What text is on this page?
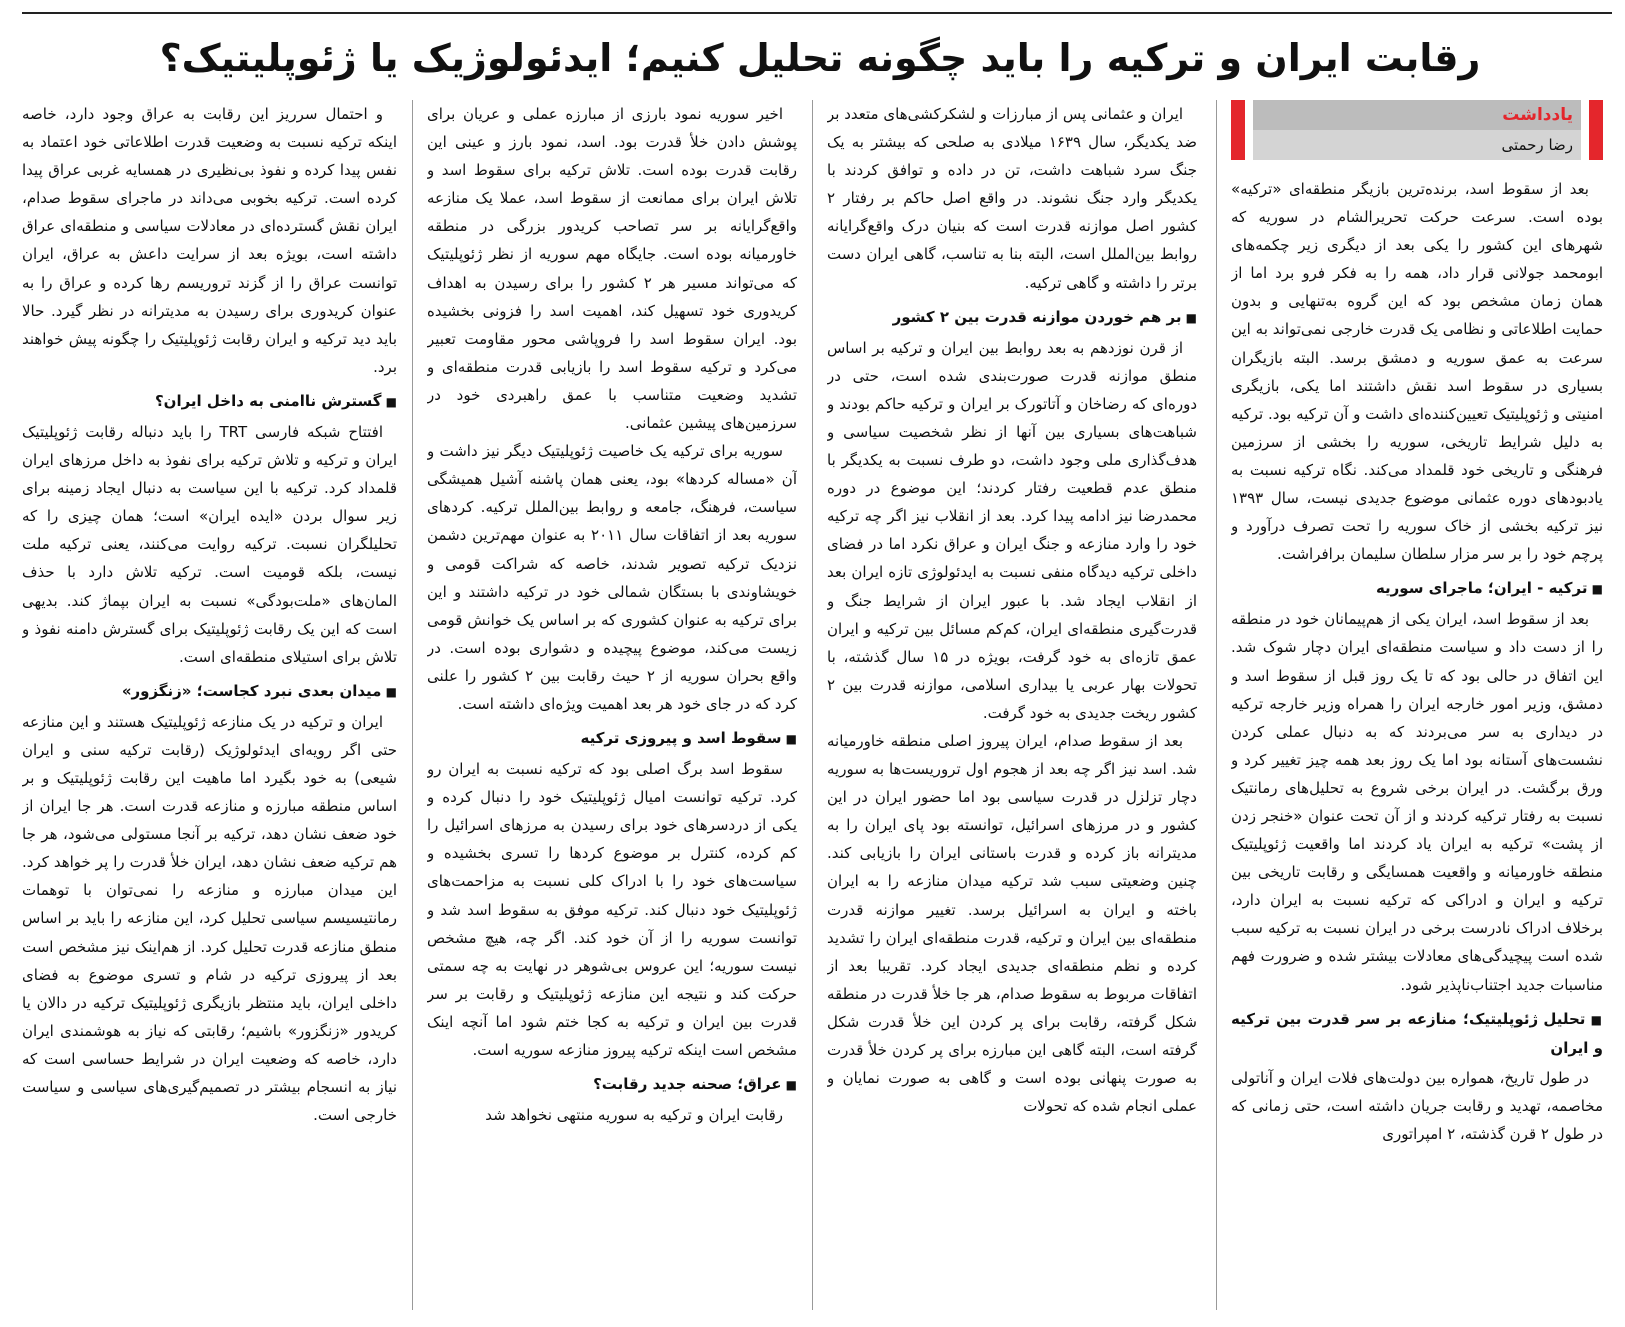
رقابت ایران و ترکیه را باید چگونه تحلیل کنیم؛ ایدئولوژیک یا ژئوپلیتیک؟
یادداشت
رضا رحمتی

بعد از سقوط اسد، برنده‌ترین بازیگر منطقه‌ای «ترکیه» بوده است. سرعت حرکت تحریرالشام در سوریه که شهرهای این کشور را یکی بعد از دیگری زیر چکمه‌های ابومحمد جولانی قرار داد، همه را به فکر فرو برد اما از همان زمان مشخص بود که این گروه به‌تنهایی و بدون حمایت اطلاعاتی و نظامی یک قدرت خارجی نمی‌تواند به این سرعت به عمق سوریه و دمشق برسد. البته بازیگران بسیاری در سقوط اسد نقش داشتند اما یکی، بازیگری امنیتی و ژئوپلیتیک تعیین‌کننده‌ای داشت و آن ترکیه بود. ترکیه به دلیل شرایط تاریخی، سوریه را بخشی از سرزمین فرهنگی و تاریخی خود قلمداد می‌کند. نگاه ترکیه نسبت به یادبودهای دوره عثمانی موضوع جدیدی نیست، سال ۱۳۹۳ نیز ترکیه بخشی از خاک سوریه را تحت تصرف درآورد و پرچم خود را بر سر مزار سلطان سلیمان برافراشت.

■ ترکیه - ایران؛ ماجرای سوریه

بعد از سقوط اسد، ایران یکی از هم‌پیمانان خود در منطقه را از دست داد و سیاست منطقه‌ای ایران دچار شوک شد. این اتفاق در حالی بود که تا یک روز قبل از سقوط اسد و دمشق، وزیر امور خارجه ایران را همراه وزیر خارجه ترکیه در دیداری به سر می‌بردند که به دنبال عملی کردن نشست‌های آستانه بود اما یک روز بعد همه چیز تغییر کرد و ورق برگشت. در ایران برخی شروع به تحلیل‌های رمانتیک نسبت به رفتار ترکیه کردند و از آن تحت عنوان «خنجر زدن از پشت» ترکیه به ایران یاد کردند اما واقعیت ژئوپلیتیک منطقه خاورمیانه و واقعیت همسایگی و رقابت تاریخی بین ترکیه و ایران و ادراکی که ترکیه نسبت به ایران دارد، برخلاف ادراک نادرست برخی در ایران نسبت به ترکیه سبب شده است پیچیدگی‌های معادلات بیشتر شده و ضرورت فهم مناسبات جدید اجتناب‌ناپذیر شود.

■ تحلیل ژئوپلیتیک؛ منازعه بر سر قدرت بین ترکیه و ایران

در طول تاریخ، همواره بین دولت‌های فلات ایران و آناتولی مخاصمه، تهدید و رقابت جریان داشته است، حتی زمانی که در طول ۲ قرن گذشته، ۲ امپراتوری

ایران و عثمانی پس از مبارزات و لشکرکشی‌های متعدد بر ضد یکدیگر، سال ۱۶۳۹ میلادی به صلحی که بیشتر به یک جنگ سرد شباهت داشت، تن در داده و توافق کردند با یکدیگر وارد جنگ نشوند. در واقع اصل حاکم بر رفتار ۲ کشور اصل موازنه قدرت است که بنیان درک واقع‌گرایانه روابط بین‌الملل است، البته بنا به تناسب، گاهی ایران دست برتر را داشته و گاهی ترکیه.

■ بر هم خوردن موازنه قدرت بین ۲ کشور

از قرن نوزدهم به بعد روابط بین ایران و ترکیه بر اساس منطق موازنه قدرت صورت‌بندی شده است، حتی در دوره‌ای که رضاخان و آتاتورک بر ایران و ترکیه حاکم بودند و شباهت‌های بسیاری بین آنها از نظر شخصیت سیاسی و هدف‌گذاری ملی وجود داشت، دو طرف نسبت به یکدیگر با منطق عدم قطعیت رفتار کردند؛ این موضوع در دوره محمدرضا نیز ادامه پیدا کرد. بعد از انقلاب نیز اگر چه ترکیه خود را وارد منازعه و جنگ ایران و عراق نکرد اما در فضای داخلی ترکیه دیدگاه منفی نسبت به ایدئولوژی تازه ایران بعد از انقلاب ایجاد شد. با عبور ایران از شرایط جنگ و قدرت‌گیری منطقه‌ای ایران، کم‌کم مسائل بین ترکیه و ایران عمق تازه‌ای به خود گرفت، بویژه در ۱۵ سال گذشته، با تحولات بهار عربی یا بیداری اسلامی، موازنه قدرت بین ۲ کشور ریخت جدیدی به خود گرفت.

بعد از سقوط صدام، ایران پیروز اصلی منطقه خاورمیانه شد. اسد نیز اگر چه بعد از هجوم اول تروریست‌ها به سوریه دچار تزلزل در قدرت سیاسی بود اما حضور ایران در این کشور و در مرزهای اسرائیل، توانسته بود پای ایران را به مدیترانه باز کرده و قدرت باستانی ایران را بازیابی کند. چنین وضعیتی سبب شد ترکیه میدان منازعه را به ایران باخته و ایران به اسرائیل برسد. تغییر موازنه قدرت منطقه‌ای بین ایران و ترکیه، قدرت منطقه‌ای ایران را تشدید کرده و نظم منطقه‌ای جدیدی ایجاد کرد. تقریبا بعد از اتفاقات مربوط به سقوط صدام، هر جا خلأ قدرت در منطقه شکل گرفته، رقابت برای پر کردن این خلأ قدرت شکل گرفته است، البته گاهی این مبارزه برای پر کردن خلأ قدرت به صورت پنهانی بوده است و گاهی به صورت نمایان و عملی انجام شده که تحولات

اخیر سوریه نمود بارزی از مبارزه عملی و عریان برای پوشش دادن خلأ قدرت بود. اسد، نمود بارز و عینی این رقابت قدرت بوده است. تلاش ترکیه برای سقوط اسد و تلاش ایران برای ممانعت از سقوط اسد، عملا یک منازعه واقع‌گرایانه بر سر تصاحب کریدور بزرگی در منطقه خاورمیانه بوده است. جایگاه مهم سوریه از نظر ژئوپلیتیک که می‌تواند مسیر هر ۲ کشور را برای رسیدن به اهداف کریدوری خود تسهیل کند، اهمیت اسد را فزونی بخشیده بود. ایران سقوط اسد را فروپاشی محور مقاومت تعبیر می‌کرد و ترکیه سقوط اسد را بازیابی قدرت منطقه‌ای و تشدید وضعیت متناسب با عمق راهبردی خود در سرزمین‌های پیشین عثمانی.

سوریه برای ترکیه یک خاصیت ژئوپلیتیک دیگر نیز داشت و آن «مساله کردها» بود، یعنی همان پاشنه آشیل همیشگی سیاست، فرهنگ، جامعه و روابط بین‌الملل ترکیه. کردهای سوریه بعد از اتفاقات سال ۲۰۱۱ به عنوان مهم‌ترین دشمن نزدیک ترکیه تصویر شدند، خاصه که شراکت قومی و خویشاوندی با بستگان شمالی خود در ترکیه داشتند و این برای ترکیه به عنوان کشوری که بر اساس یک خوانش قومی زیست می‌کند، موضوع پیچیده و دشواری بوده است. در واقع بحران سوریه از ۲ حیث رقابت بین ۲ کشور را علنی کرد که در جای خود هر بعد اهمیت ویژه‌ای داشته است.

■ سقوط اسد و پیروزی ترکیه

سقوط اسد برگ اصلی بود که ترکیه نسبت به ایران رو کرد. ترکیه توانست امیال ژئوپلیتیک خود را دنبال کرده و یکی از دردسرهای خود برای رسیدن به مرزهای اسرائیل را کم کرده، کنترل بر موضوع کردها را تسری بخشیده و سیاست‌های خود را با ادراک کلی نسبت به مزاحمت‌های ژئوپلیتیک خود دنبال کند. ترکیه موفق به سقوط اسد شد و توانست سوریه را از آن خود کند. اگر چه، هیچ مشخص نیست سوریه؛ این عروس بی‌شوهر در نهایت به چه سمتی حرکت کند و نتیجه این منازعه ژئوپلیتیک و رقابت بر سر قدرت بین ایران و ترکیه به کجا ختم شود اما آنچه اینک مشخص است اینکه ترکیه پیروز منازعه سوریه است.

■ عراق؛ صحنه جدید رقابت؟

رقابت ایران و ترکیه به سوریه منتهی نخواهد شد

و احتمال سرریز این رقابت به عراق وجود دارد، خاصه اینکه ترکیه نسبت به وضعیت قدرت اطلاعاتی خود اعتماد به نفس پیدا کرده و نفوذ بی‌نظیری در همسایه غربی عراق پیدا کرده است. ترکیه بخوبی می‌داند در ماجرای سقوط صدام، ایران نقش گسترده‌ای در معادلات سیاسی و منطقه‌ای عراق داشته است، بویژه بعد از سرایت داعش به عراق، ایران توانست عراق را از گزند تروریسم رها کرده و عراق را به عنوان کریدوری برای رسیدن به مدیترانه در نظر گیرد. حالا باید دید ترکیه و ایران رقابت ژئوپلیتیک را چگونه پیش خواهند برد.

■ گسترش ناامنی به داخل ایران؟

افتتاح شبکه فارسی TRT را باید دنباله رقابت ژئوپلیتیک ایران و ترکیه و تلاش ترکیه برای نفوذ به داخل مرزهای ایران قلمداد کرد. ترکیه با این سیاست به دنبال ایجاد زمینه برای زیر سوال بردن «ایده ایران» است؛ همان چیزی را که تحلیلگران نسبت. ترکیه روایت می‌کنند، یعنی ترکیه ملت نیست، بلکه قومیت است. ترکیه تلاش دارد با حذف المان‌های «ملت‌بودگی» نسبت به ایران بپماژ کند. بدیهی است که این یک رقابت ژئوپلیتیک برای گسترش دامنه نفوذ و تلاش برای استیلای منطقه‌ای است.

■ میدان بعدی نبرد کجاست؛ «زنگزور»

ایران و ترکیه در یک منازعه ژئوپلیتیک هستند و این منازعه حتی اگر رویه‌ای ایدئولوژیک (رقابت ترکیه سنی و ایران شیعی) به خود بگیرد اما ماهیت این رقابت ژئوپلیتیک و بر اساس منطقه مبارزه و منازعه قدرت است. هر جا ایران از خود ضعف نشان دهد، ترکیه بر آنجا مستولی می‌شود، هر جا هم ترکیه ضعف نشان دهد، ایران خلأ قدرت را پر خواهد کرد. این میدان مبارزه و منازعه را نمی‌توان با توهمات رمانتیسیسم سیاسی تحلیل کرد، این منازعه را باید بر اساس منطق منازعه قدرت تحلیل کرد. از هم‌اینک نیز مشخص است بعد از پیروزی ترکیه در شام و تسری موضوع به فضای داخلی ایران، باید منتظر بازیگری ژئوپلیتیک ترکیه در دالان یا کریدور «زنگزور» باشیم؛ رقابتی که نیاز به هوشمندی ایران دارد، خاصه که وضعیت ایران در شرایط حساسی است که نیاز به انسجام بیشتر در تصمیم‌گیری‌های سیاسی و سیاست خارجی است.
